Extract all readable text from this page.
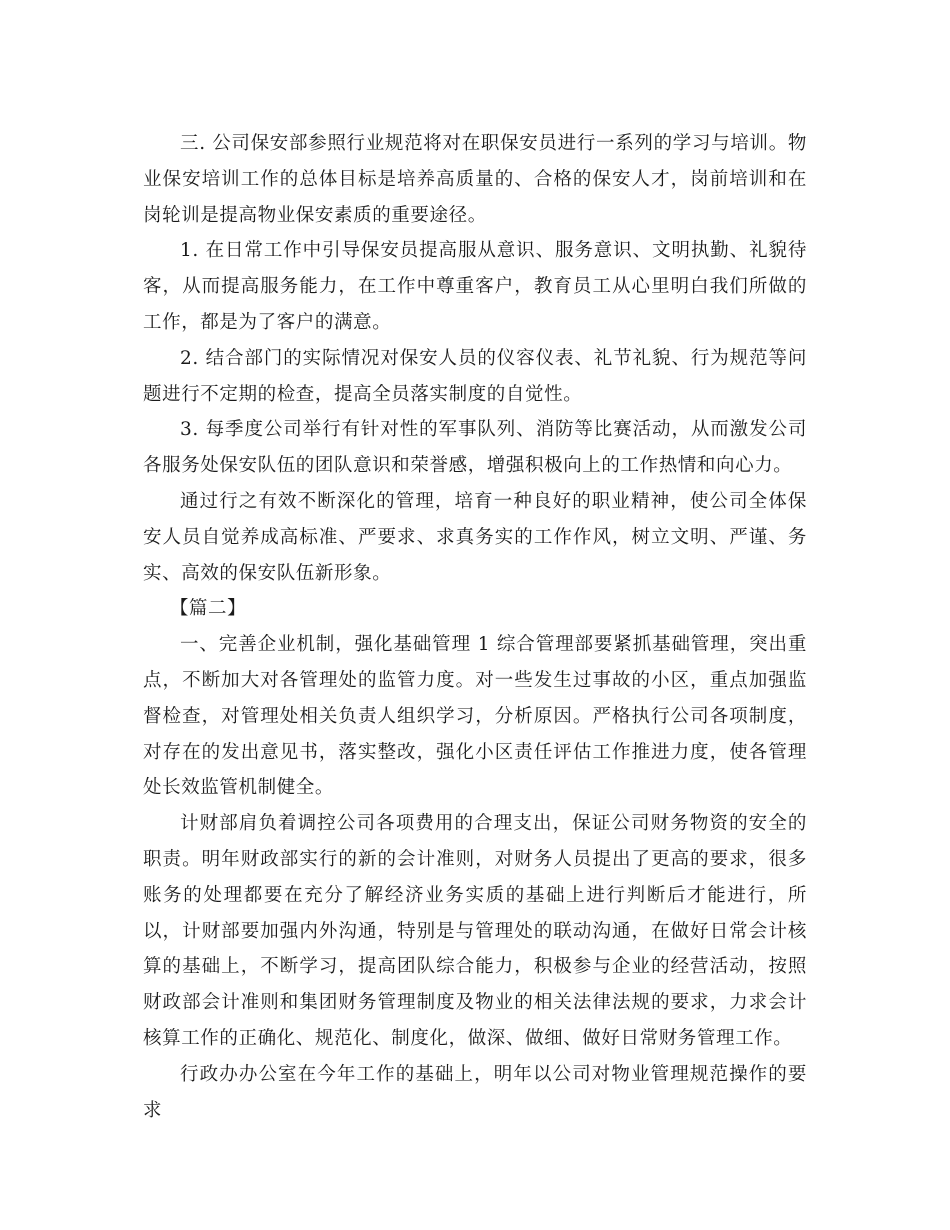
三. 公司保安部参照行业规范将对在职保安员进行一系列的学习与培训。物业保安培训工作的总体目标是培养高质量的、合格的保安人才，岗前培训和在岗轮训是提高物业保安素质的重要途径。

1. 在日常工作中引导保安员提高服从意识、服务意识、文明执勤、礼貌待客，从而提高服务能力，在工作中尊重客户，教育员工从心里明白我们所做的工作，都是为了客户的满意。

2. 结合部门的实际情况对保安人员的仪容仪表、礼节礼貌、行为规范等问题进行不定期的检查，提高全员落实制度的自觉性。

3. 每季度公司举行有针对性的军事队列、消防等比赛活动，从而激发公司各服务处保安队伍的团队意识和荣誉感，增强积极向上的工作热情和向心力。

通过行之有效不断深化的管理，培育一种良好的职业精神，使公司全体保安人员自觉养成高标准、严要求、求真务实的工作作风，树立文明、严谨、务实、高效的保安队伍新形象。

【篇二】

一、完善企业机制，强化基础管理 1 综合管理部要紧抓基础管理，突出重点，不断加大对各管理处的监管力度。对一些发生过事故的小区，重点加强监督检查，对管理处相关负责人组织学习，分析原因。严格执行公司各项制度，对存在的发出意见书，落实整改，强化小区责任评估工作推进力度，使各管理处长效监管机制健全。

计财部肩负着调控公司各项费用的合理支出，保证公司财务物资的安全的职责。明年财政部实行的新的会计准则，对财务人员提出了更高的要求，很多账务的处理都要在充分了解经济业务实质的基础上进行判断后才能进行，所以，计财部要加强内外沟通，特别是与管理处的联动沟通，在做好日常会计核算的基础上，不断学习，提高团队综合能力，积极参与企业的经营活动，按照财政部会计准则和集团财务管理制度及物业的相关法律法规的要求，力求会计核算工作的正确化、规范化、制度化，做深、做细、做好日常财务管理工作。

行政办办公室在今年工作的基础上，明年以公司对物业管理规范操作的要求
